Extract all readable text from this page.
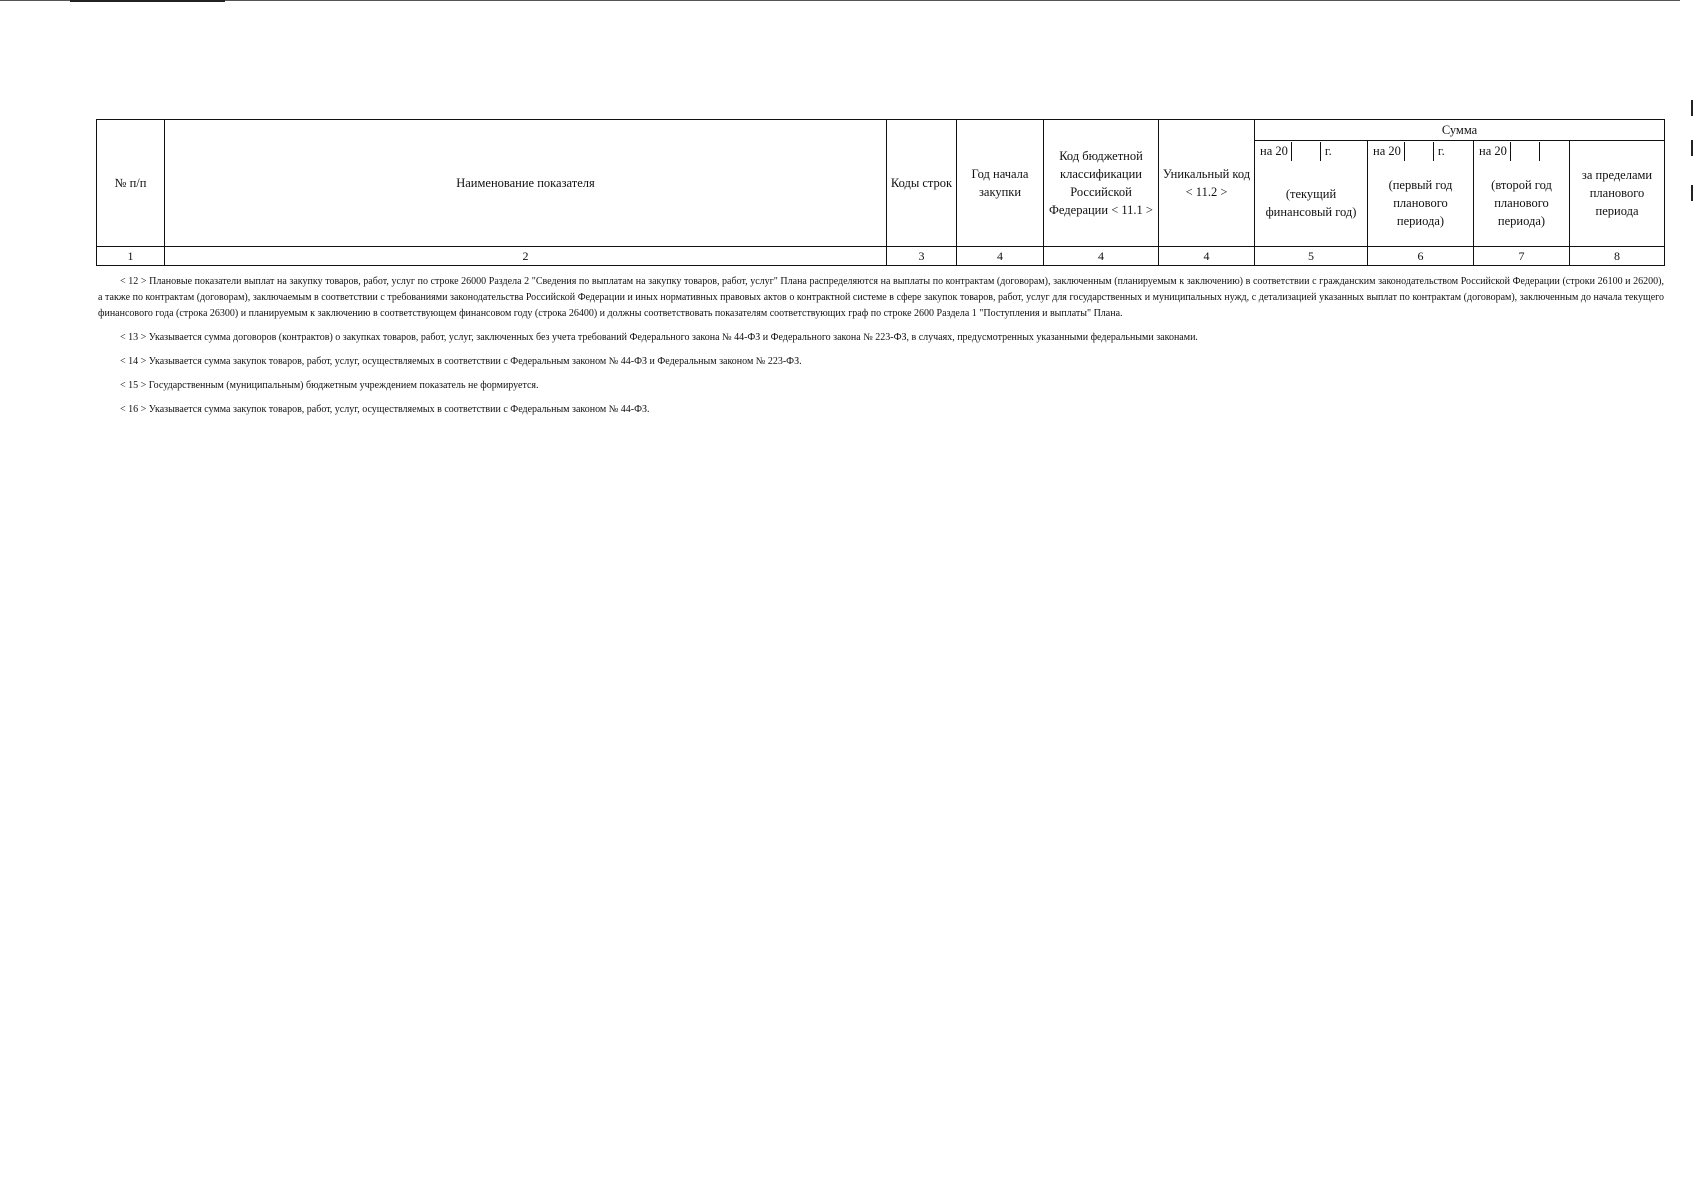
№ п/п	Наименование показателя	Коды строк	Год начала закупки	Код бюджетной классификации Российской Федерации < 11.1 >	Уникальный код < 11.2 >	Сумма			

						на 20 г.	на 20 г.	на 20	за пределами планового периода
						(текущий финансовый год)	(первый год планового периода)	(второй год планового периода)	
1	2	3	4	4	4	5	6	7	8

< 12 > Плановые показатели выплат на закупку товаров, работ, услуг по строке 26000 Раздела 2 "Сведения по выплатам на закупку товаров, работ, услуг" Плана распределяются на выплаты по контрактам (договорам), заключенным (планируемым к заключению) в соответствии с гражданским законодательством Российской Федерации (строки 26100 и 26200), а также по контрактам (договорам), заключаемым в соответствии с требованиями законодательства Российской Федерации и иных нормативных правовых актов о контрактной системе в сфере закупок товаров, работ, услуг для государственных и муниципальных нужд, с детализацией указанных выплат по контрактам (договорам), заключенным до начала текущего финансового года (строка 26300) и планируемым к заключению в соответствующем финансовом году (строка 26400) и должны соответствовать показателям соответствующих граф по строке 2600 Раздела 1 "Поступления и выплаты" Плана.

< 13 > Указывается сумма договоров (контрактов) о закупках товаров, работ, услуг, заключенных без учета требований Федерального закона № 44-ФЗ и Федерального закона № 223-ФЗ, в случаях, предусмотренных указанными федеральными законами.

< 14 > Указывается сумма закупок товаров, работ, услуг, осуществляемых в соответствии с Федеральным законом № 44-ФЗ и Федеральным законом № 223-ФЗ.

< 15 > Государственным (муниципальным) бюджетным учреждением показатель не формируется.

< 16 > Указывается сумма закупок товаров, работ, услуг, осуществляемых в соответствии с Федеральным законом № 44-ФЗ.
